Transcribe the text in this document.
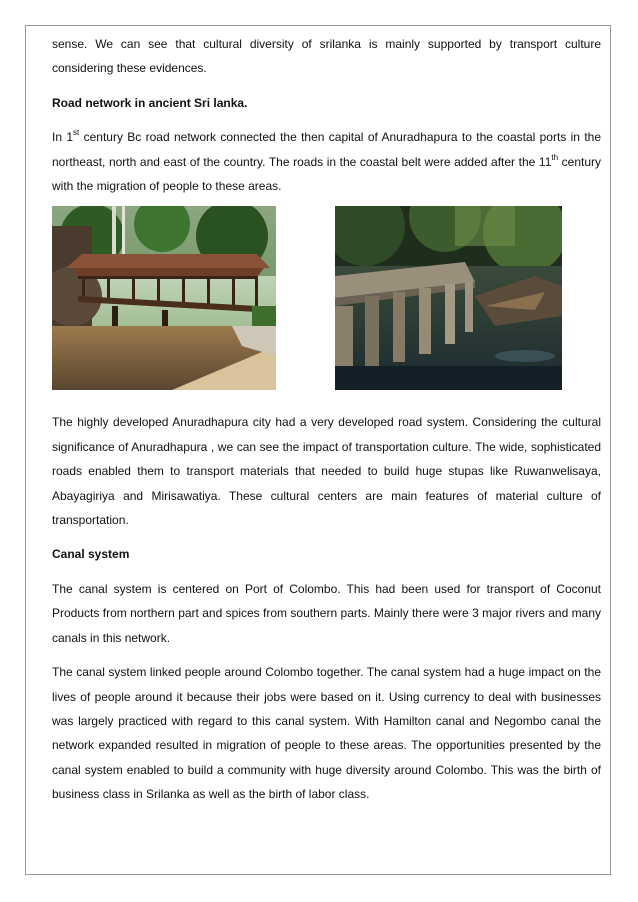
sense. We can see that cultural diversity of srilanka is mainly supported by transport culture considering these evidences.

Road network in ancient Sri lanka.

In 1st century Bc road network connected the then capital of Anuradhapura to the coastal ports in the northeast, north and east of the country. The roads in the coastal belt were added after the 11th century with the migration of people to these areas.

The highly developed Anuradhapura city had a very developed road system. Considering the cultural significance of Anuradhapura , we can see the impact of transportation culture. The wide, sophisticated roads enabled them to transport materials that needed to build huge stupas like Ruwanwelisaya, Abayagiriya and Mirisawatiya. These cultural centers are main features of material culture of transportation.

Canal system

The canal system is centered on Port of Colombo. This had been used for transport of Coconut Products from northern part and spices from southern parts. Mainly there were 3 major rivers and many canals in this network.

The canal system linked people around Colombo together. The canal system had a huge impact on the lives of people around it because their jobs were based on it. Using currency to deal with businesses was largely practiced with regard to this canal system. With Hamilton canal and Negombo canal the network expanded resulted in migration of people to these areas. The opportunities presented by the canal system enabled to build a community with huge diversity around Colombo. This was the birth of business class in Srilanka as well as the birth of labor class.
